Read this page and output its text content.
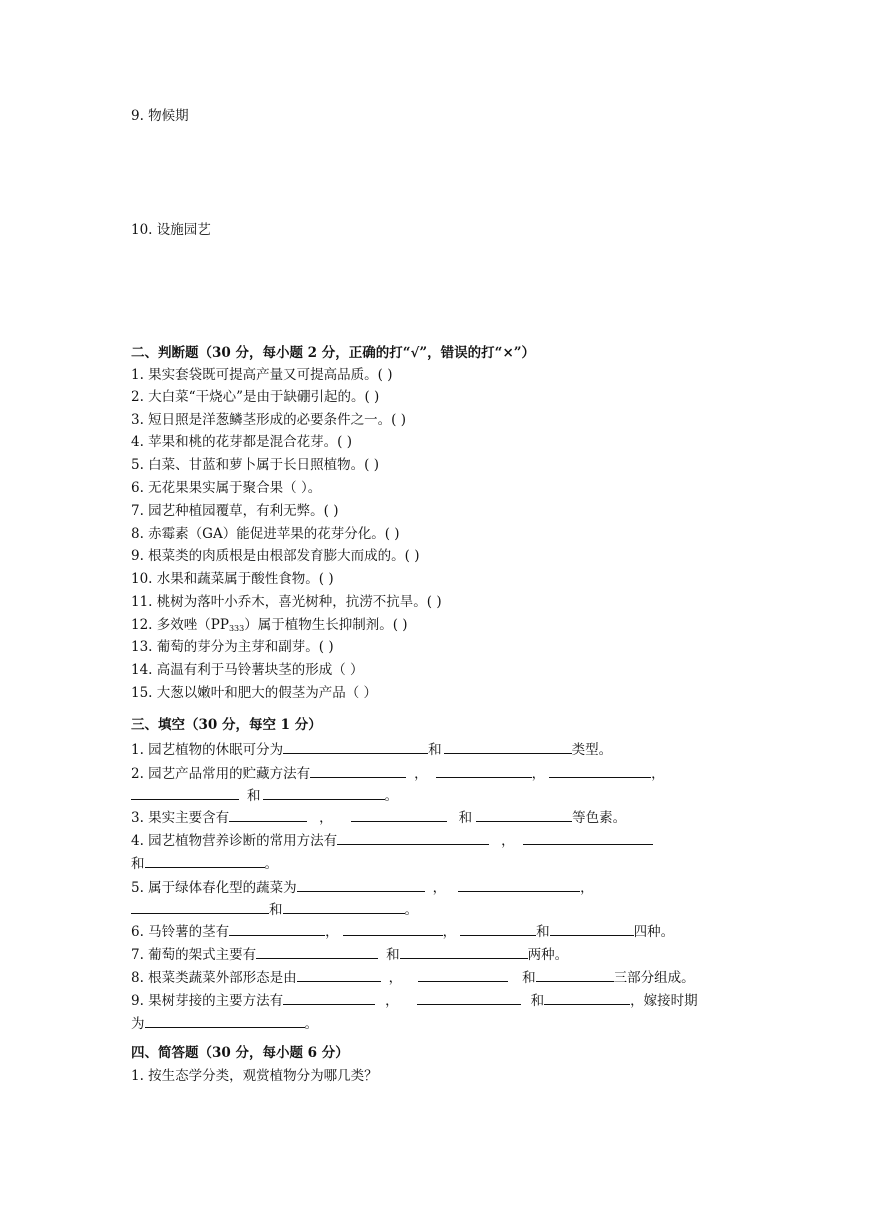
9. 物候期
10. 设施园艺
二、判断题（30 分，每小题 2 分，正确的打“√”，错误的打“×”）
1. 果实套袋既可提高产量又可提高品质。( )
2. 大白菜“干烧心”是由于缺硼引起的。( )
3. 短日照是洋葱鳞茎形成的必要条件之一。( )
4. 苹果和桃的花芽都是混合花芽。( )
5. 白菜、甘蓝和萝卜属于长日照植物。( )
6. 无花果果实属于聚合果（ ）。
7. 园艺种植园覆草，有利无弊。( )
8. 赤霉素（GA）能促进苹果的花芽分化。( )
9. 根菜类的肉质根是由根部发育膨大而成的。( )
10. 水果和蔬菜属于酸性食物。( )
11. 桃树为落叶小乔木，喜光树种，抗涝不抗旱。( )
12. 多效唑$(PP_{333})$属于植物生长抑制剂。( )
13. 葡萄的芽分为主芽和副芽。( )
14. 高温有利于马铃薯块茎的形成（ ）
15. 大葱以嫩叶和肥大的假茎为产品（ ）
三、填空（30 分，每空 1 分）
1. 园艺植物的休眠可分为	和	类型。
2. 园艺产品常用的贮藏方法有	，	，	，
和	。
3. 果实主要含有	，	和	等色素。
4. 园艺植物营养诊断的常用方法有	，
和	。
5. 属于绿体春化型的蔬菜为	，	，
和	。
6. 马铃薯的茎有	，	，	和	四种。
7. 葡萄的架式主要有	和	两种。
8. 根菜类蔬菜外部形态是由	，	和	三部分组成。
9. 果树芽接的主要方法有	，	和	，嫁接时期
为	。
四、简答题（30 分，每小题 6 分）
1. 按生态学分类，观赏植物分为哪几类？
